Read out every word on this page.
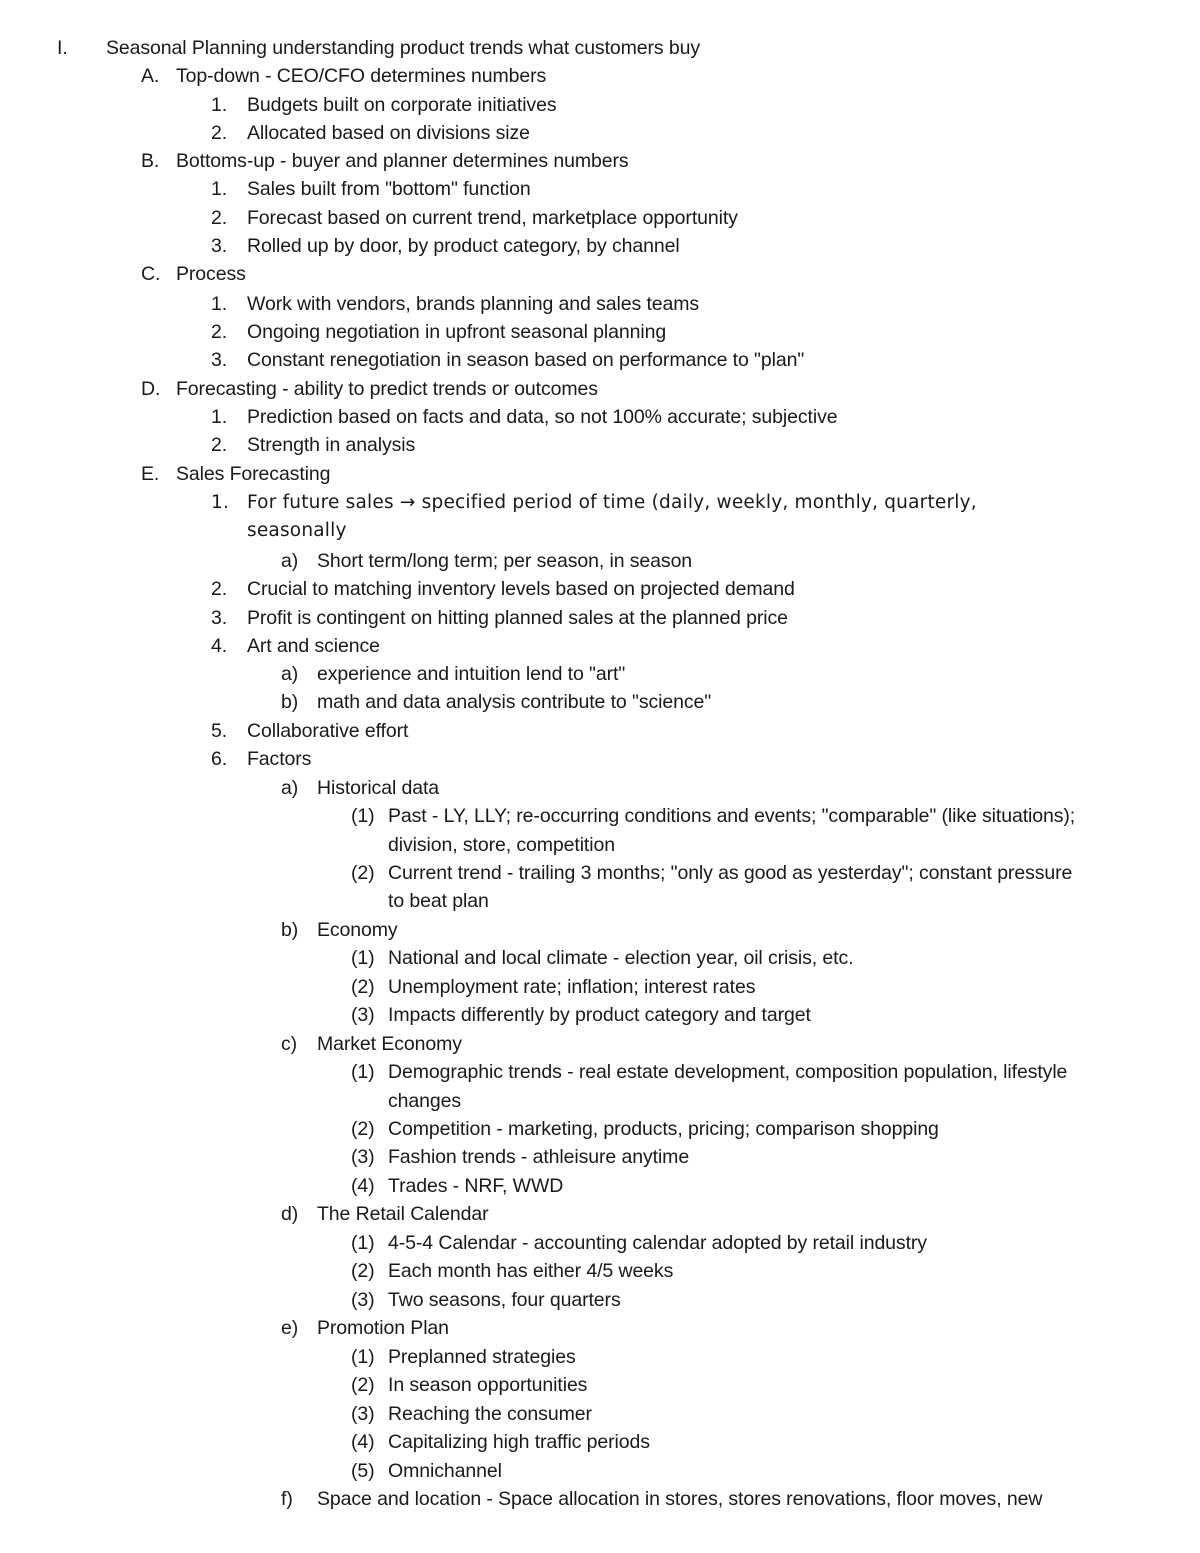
I. Seasonal Planning understanding product trends what customers buy
A. Top-down - CEO/CFO determines numbers
1. Budgets built on corporate initiatives
2. Allocated based on divisions size
B. Bottoms-up - buyer and planner determines numbers
1. Sales built from "bottom" function
2. Forecast based on current trend, marketplace opportunity
3. Rolled up by door, by product category, by channel
C. Process
1. Work with vendors, brands planning and sales teams
2. Ongoing negotiation in upfront seasonal planning
3. Constant renegotiation in season based on performance to "plan"
D. Forecasting - ability to predict trends or outcomes
1. Prediction based on facts and data, so not 100% accurate; subjective
2. Strength in analysis
E. Sales Forecasting
1. For future sales → specified period of time (daily, weekly, monthly, quarterly,
seasonally
a) Short term/long term; per season, in season
2. Crucial to matching inventory levels based on projected demand
3. Profit is contingent on hitting planned sales at the planned price
4. Art and science
a) experience and intuition lend to "art"
b) math and data analysis contribute to "science"
5. Collaborative effort
6. Factors
a) Historical data
(1) Past - LY, LLY; re-occurring conditions and events; "comparable" (like situations);
division, store, competition
(2) Current trend - trailing 3 months; "only as good as yesterday"; constant pressure
to beat plan
b) Economy
(1) National and local climate - election year, oil crisis, etc.
(2) Unemployment rate; inflation; interest rates
(3) Impacts differently by product category and target
c) Market Economy
(1) Demographic trends - real estate development, composition population, lifestyle
changes
(2) Competition - marketing, products, pricing; comparison shopping
(3) Fashion trends - athleisure anytime
(4) Trades - NRF, WWD
d) The Retail Calendar
(1) 4-5-4 Calendar - accounting calendar adopted by retail industry
(2) Each month has either 4/5 weeks
(3) Two seasons, four quarters
e) Promotion Plan
(1) Preplanned strategies
(2) In season opportunities
(3) Reaching the consumer
(4) Capitalizing high traffic periods
(5) Omnichannel
f) Space and location - Space allocation in stores, stores renovations, floor moves, new
